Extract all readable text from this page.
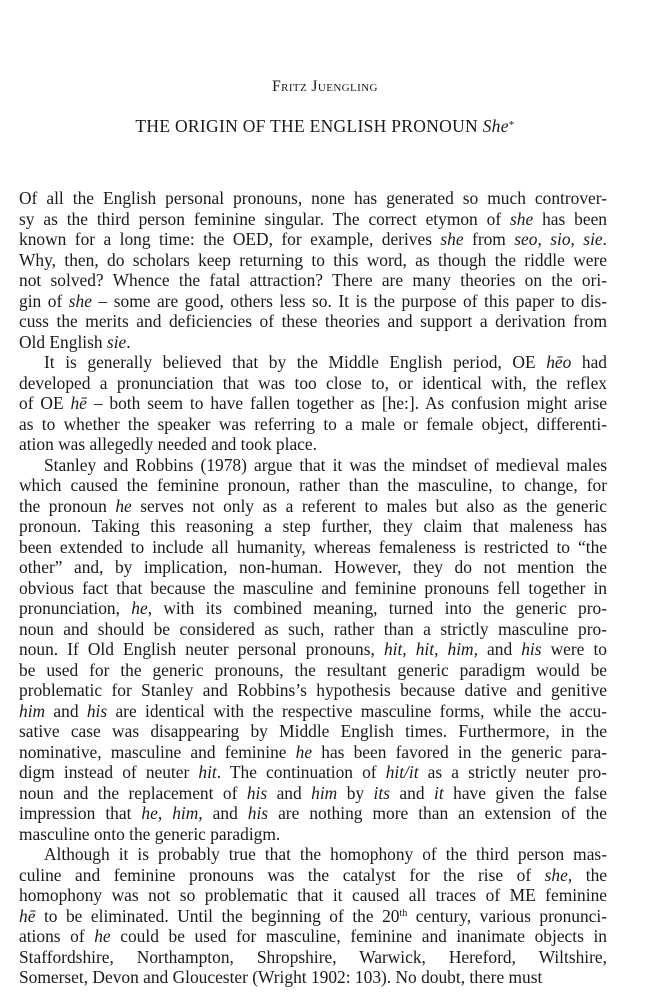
Fritz Juengling
THE ORIGIN OF THE ENGLISH PRONOUN She*

Of all the English personal pronouns, none has generated so much controver-
sy as the third person feminine singular. The correct etymon of she has been
known for a long time: the OED, for example, derives she from seo, sio, sie.
Why, then, do scholars keep returning to this word, as though the riddle were
not solved? Whence the fatal attraction? There are many theories on the ori-
gin of she – some are good, others less so. It is the purpose of this paper to dis-
cuss the merits and deficiencies of these theories and support a derivation from
Old English sie.

It is generally believed that by the Middle English period, OE hēo had
developed a pronunciation that was too close to, or identical with, the reflex
of OE hē – both seem to have fallen together as [he:]. As confusion might arise
as to whether the speaker was referring to a male or female object, differenti-
ation was allegedly needed and took place.

Stanley and Robbins (1978) argue that it was the mindset of medieval males
which caused the feminine pronoun, rather than the masculine, to change, for
the pronoun he serves not only as a referent to males but also as the generic
pronoun. Taking this reasoning a step further, they claim that maleness has
been extended to include all humanity, whereas femaleness is restricted to “the
other” and, by implication, non-human. However, they do not mention the
obvious fact that because the masculine and feminine pronouns fell together in
pronunciation, he, with its combined meaning, turned into the generic pro-
noun and should be considered as such, rather than a strictly masculine pro-
noun. If Old English neuter personal pronouns, hit, hit, him, and his were to
be used for the generic pronouns, the resultant generic paradigm would be
problematic for Stanley and Robbins’s hypothesis because dative and genitive
him and his are identical with the respective masculine forms, while the accu-
sative case was disappearing by Middle English times. Furthermore, in the
nominative, masculine and feminine he has been favored in the generic para-
digm instead of neuter hit. The continuation of hit/it as a strictly neuter pro-
noun and the replacement of his and him by its and it have given the false
impression that he, him, and his are nothing more than an extension of the
masculine onto the generic paradigm.

Although it is probably true that the homophony of the third person mas-
culine and feminine pronouns was the catalyst for the rise of she, the
homophony was not so problematic that it caused all traces of ME feminine
hē to be eliminated. Until the beginning of the 20th century, various pronunci-
ations of he could be used for masculine, feminine and inanimate objects in
Staffordshire, Northampton, Shropshire, Warwick, Hereford, Wiltshire,
Somerset, Devon and Gloucester (Wright 1902: 103). No doubt, there must
